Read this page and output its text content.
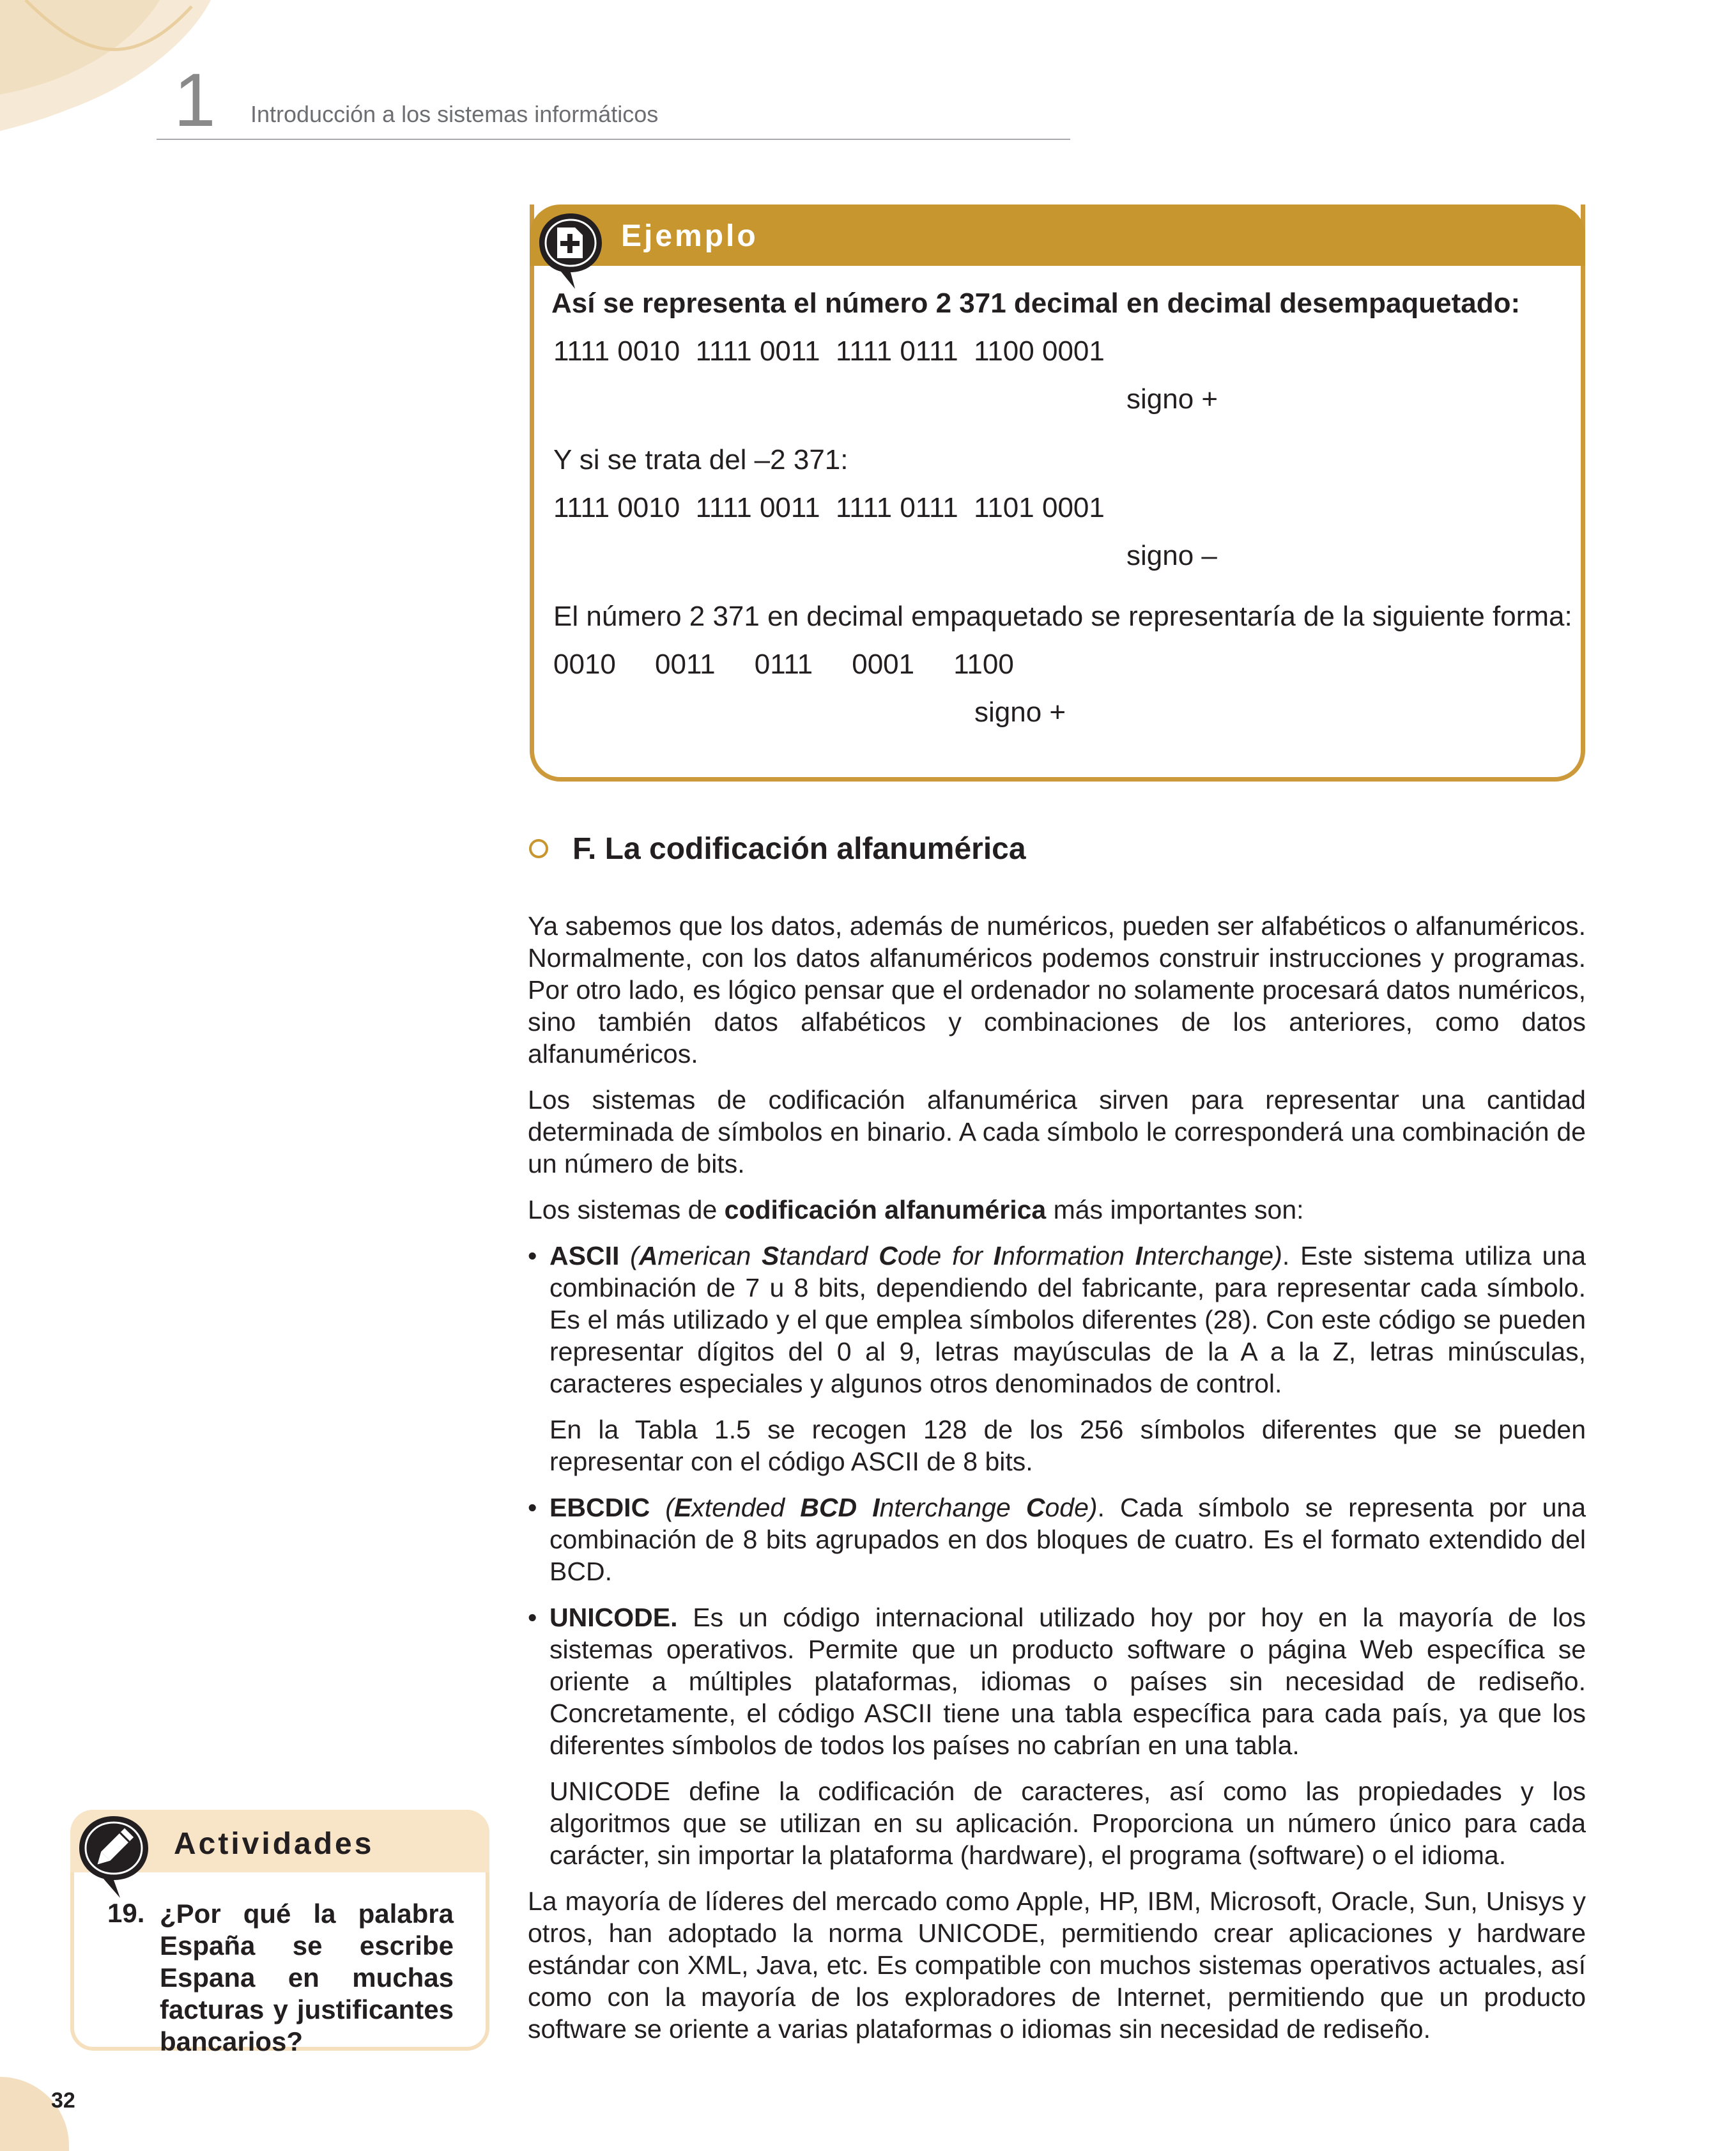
1 Introducción a los sistemas informáticos
Ejemplo
Así se representa el número 2 371 decimal en decimal desempaquetado:
1111 0010  1111 0011  1111 0111  1100 0001
signo +
Y si se trata del –2 371:
1111 0010  1111 0011  1111 0111  1101 0001
signo –
El número 2 371 en decimal empaquetado se representaría de la siguiente forma:
0010     0011     0111     0001     1100
signo +
F. La codificación alfanumérica

Ya sabemos que los datos, además de numéricos, pueden ser alfabéticos o alfanuméricos. Normalmente, con los datos alfanuméricos podemos construir instrucciones y programas. Por otro lado, es lógico pensar que el ordenador no solamente procesará datos numéricos, sino también datos alfabéticos y combinaciones de los anteriores, como datos alfanuméricos.

Los sistemas de codificación alfanumérica sirven para representar una cantidad determinada de símbolos en binario. A cada símbolo le corresponderá una combinación de un número de bits.

Los sistemas de codificación alfanumérica más importantes son:

• ASCII (American Standard Code for Information Interchange). Este sistema utiliza una combinación de 7 u 8 bits, dependiendo del fabricante, para representar cada símbolo. Es el más utilizado y el que emplea símbolos diferentes (28). Con este código se pueden representar dígitos del 0 al 9, letras mayúsculas de la A a la Z, letras minúsculas, caracteres especiales y algunos otros denominados de control.
En la Tabla 1.5 se recogen 128 de los 256 símbolos diferentes que se pueden representar con el código ASCII de 8 bits.
• EBCDIC (Extended BCD Interchange Code). Cada símbolo se representa por una combinación de 8 bits agrupados en dos bloques de cuatro. Es el formato extendido del BCD.
• UNICODE. Es un código internacional utilizado hoy por hoy en la mayoría de los sistemas operativos. Permite que un producto software o página Web específica se oriente a múltiples plataformas, idiomas o países sin necesidad de rediseño. Concretamente, el código ASCII tiene una tabla específica para cada país, ya que los diferentes símbolos de todos los países no cabrían en una tabla.
UNICODE define la codificación de caracteres, así como las propiedades y los algoritmos que se utilizan en su aplicación. Proporciona un número único para cada carácter, sin importar la plataforma (hardware), el programa (software) o el idioma.

La mayoría de líderes del mercado como Apple, HP, IBM, Microsoft, Oracle, Sun, Unisys y otros, han adoptado la norma UNICODE, permitiendo crear aplicaciones y hardware estándar con XML, Java, etc. Es compatible con muchos sistemas operativos actuales, así como con la mayoría de los exploradores de Internet, permitiendo que un producto software se oriente a varias plataformas o idiomas sin necesidad de rediseño.

Actividades
19. ¿Por qué la palabra España se escribe Espana en muchas facturas y justificantes bancarios?
32
